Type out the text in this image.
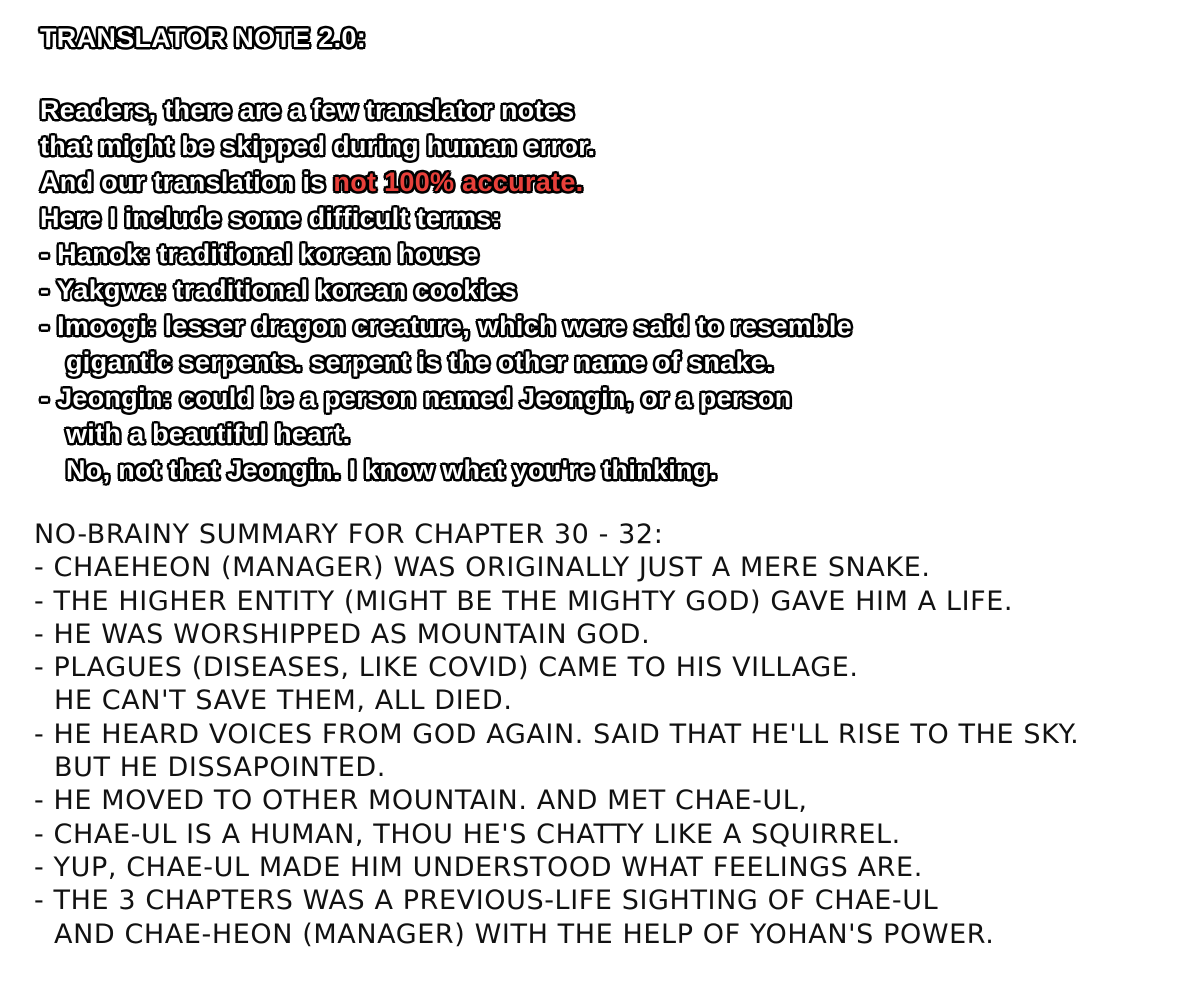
TRANSLATOR NOTE 2.0:
Readers, there are a few translator notes
that might be skipped during human error.
And our translation is not 100% accurate.
Here I include some difficult terms:
- Hanok: traditional korean house
- Yakgwa: traditional korean cookies
- Imoogi: lesser dragon creature, which were said to resemble
gigantic serpents. serpent is the other name of snake.
- Jeongin: could be a person named Jeongin, or a person
with a beautiful heart.
No, not that Jeongin. I know what you're thinking.
NO-BRAINY SUMMARY FOR CHAPTER 30 - 32:
- CHAEHEON (MANAGER) WAS ORIGINALLY JUST A MERE SNAKE.
- THE HIGHER ENTITY (MIGHT BE THE MIGHTY GOD) GAVE HIM A LIFE.
- HE WAS WORSHIPPED AS MOUNTAIN GOD.
- PLAGUES (DISEASES, LIKE COVID) CAME TO HIS VILLAGE.
HE CAN'T SAVE THEM, ALL DIED.
- HE HEARD VOICES FROM GOD AGAIN. SAID THAT HE'LL RISE TO THE SKY.
BUT HE DISSAPOINTED.
- HE MOVED TO OTHER MOUNTAIN. AND MET CHAE-UL,
- CHAE-UL IS A HUMAN, THOU HE'S CHATTY LIKE A SQUIRREL.
- YUP, CHAE-UL MADE HIM UNDERSTOOD WHAT FEELINGS ARE.
- THE 3 CHAPTERS WAS A PREVIOUS-LIFE SIGHTING OF CHAE-UL
AND CHAE-HEON (MANAGER) WITH THE HELP OF YOHAN'S POWER.
